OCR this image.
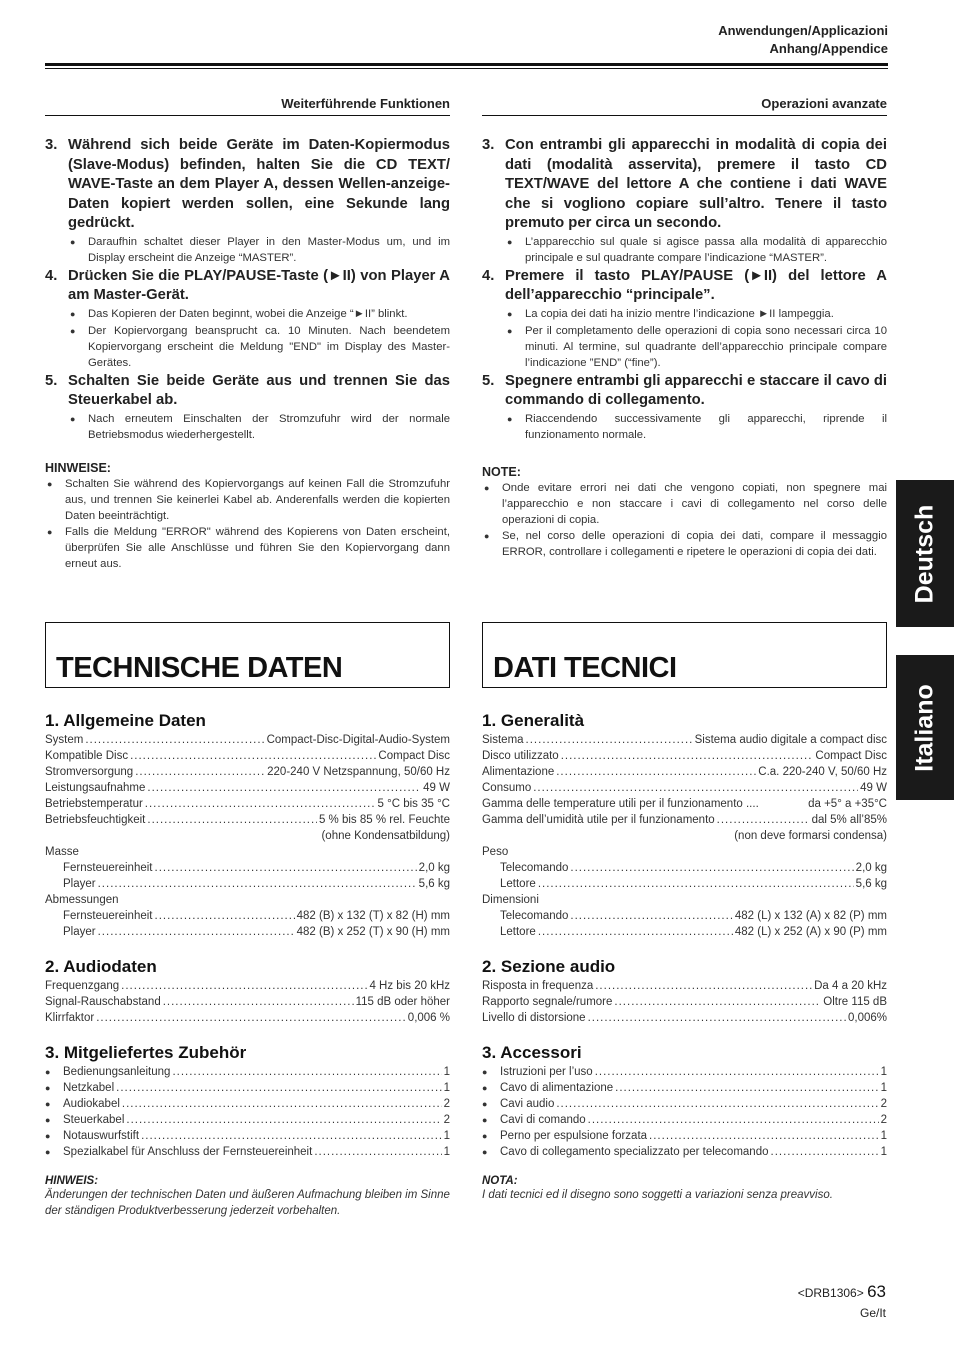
Anwendungen/Applicazioni
Anhang/Appendice
Weiterführende Funktionen
3. Während sich beide Geräte im Daten-Kopiermodus (Slave-Modus) befinden, halten Sie die CD TEXT/ WAVE-Taste an dem Player A, dessen Wellen-anzeige-Daten kopiert werden sollen, eine Sekunde lang gedrückt.
●	Daraufhin schaltet dieser Player in den Master-Modus um, und im Display erscheint die Anzeige “MASTER”.
4. Drücken Sie die PLAY/PAUSE-Taste (►II) von Player A am Master-Gerät.
●	Das Kopieren der Daten beginnt, wobei die Anzeige “►II” blinkt.
●	Der Kopiervorgang beansprucht ca. 10 Minuten. Nach beendetem Kopiervorgang erscheint die Meldung "END" im Display des Master-Gerätes.
5. Schalten Sie beide Geräte aus und trennen Sie das Steuerkabel ab.
●	Nach erneutem Einschalten der Stromzufuhr wird der normale Betriebsmodus wiederhergestellt.
HINWEISE:
●	Schalten Sie während des Kopiervorgangs auf keinen Fall die Stromzufuhr aus, und trennen Sie keinerlei Kabel ab. Anderenfalls werden die kopierten Daten beeinträchtigt.
●	Falls die Meldung "ERROR" während des Kopierens von Daten erscheint, überprüfen Sie alle Anschlüsse und führen Sie den Kopiervorgang dann erneut aus.
Operazioni avanzate
3. Con entrambi gli apparecchi in modalità di copia dei dati (modalità asservita), premere il tasto CD TEXT/WAVE del lettore A che contiene i dati WAVE che si vogliono copiare sull’altro. Tenere il tasto premuto per circa un secondo.
●	L’apparecchio sul quale si agisce passa alla modalità di apparecchio principale e sul quadrante compare l’indicazione “MASTER”.
4. Premere il tasto PLAY/PAUSE (►II) del lettore A dell’apparecchio “principale”.
●	La copia dei dati ha inizio mentre l’indicazione ►II lampeggia.
●	Per il completamento delle operazioni di copia sono necessari circa 10 minuti. Al termine, sul quadrante dell’apparecchio principale compare l’indicazione ”END” (“fine”).
5. Spegnere entrambi gli apparecchi e staccare il cavo di commando di collegamento.
●	Riaccendendo successivamente gli apparecchi, riprende il funzionamento normale.
NOTE:
●	Onde evitare errori nei dati che vengono copiati, non spegnere mai l’apparecchio e non staccare i cavi di collegamento nel corso delle operazioni di copia.
●	Se, nel corso delle operazioni di copia dei dati, compare il messaggio ERROR, controllare i collegamenti e ripetere le operazioni di copia dei dati.
TECHNISCHE DATEN	DATI TECNICI
1. Allgemeine Daten
System .....	Compact-Disc-Digital-Audio-System
Kompatible Disc .....	Compact Disc
Stromversorgung .....	220-240 V Netzspannung, 50/60 Hz
Leistungsaufnahme .....	49 W
Betriebstemperatur .....	5 °C bis 35 °C
Betriebsfeuchtigkeit .....	5 % bis 85 % rel. Feuchte
(ohne Kondensatbildung)
Masse
Fernsteuereinheit .....	2,0 kg
Player .....	5,6 kg
Abmessungen
Fernsteuereinheit .....	482 (B) x 132 (T) x 82 (H) mm
Player .....	482 (B) x 252 (T) x 90 (H) mm
2. Audiodaten
Frequenzgang .....	4 Hz bis 20 kHz
Signal-Rauschabstand .....	115 dB oder höher
Klirrfaktor .....	0,006 %
3. Mitgeliefertes Zubehör
●	Bedienungsanleitung .....	1
●	Netzkabel .....	1
●	Audiokabel .....	2
●	Steuerkabel .....	2
●	Notauswurfstift .....	1
●	Spezialkabel für Anschluss der Fernsteuereinheit .....	1
HINWEIS:
Änderungen der technischen Daten und äußeren Aufmachung bleiben im Sinne der ständigen Produktverbesserung jederzeit vorbehalten.
1. Generalità
Sistema .....	Sistema audio digitale a compact disc
Disco utilizzato .....	Compact Disc
Alimentazione .....	C.a. 220-240 V, 50/60 Hz
Consumo .....	49 W
Gamma delle temperature utili per il funzionamento ....	da +5° a +35°C
Gamma dell’umidità utile per il funzionamento .....	dal 5% all’85%
(non deve formarsi condensa)
Peso
Telecomando .....	2,0 kg
Lettore .....	5,6 kg
Dimensioni
Telecomando .....	482 (L) x 132 (A) x 82 (P) mm
Lettore .....	482 (L) x 252 (A) x 90 (P) mm
2. Sezione audio
Risposta in frequenza .....	Da 4 a 20 kHz
Rapporto segnale/rumore .....	Oltre 115 dB
Livello di distorsione .....	0,006%
3. Accessori
●	Istruzioni per l’uso .....	1
●	Cavo di alimentazione .....	1
●	Cavi audio .....	2
●	Cavi di comando .....	2
●	Perno per espulsione forzata .....	1
●	Cavo di collegamento specializzato per telecomando .....	1
NOTA:
I dati tecnici ed il disegno sono soggetti a variazioni senza preavviso.
Deutsch
Italiano
<DRB1306> 63
Ge/It
